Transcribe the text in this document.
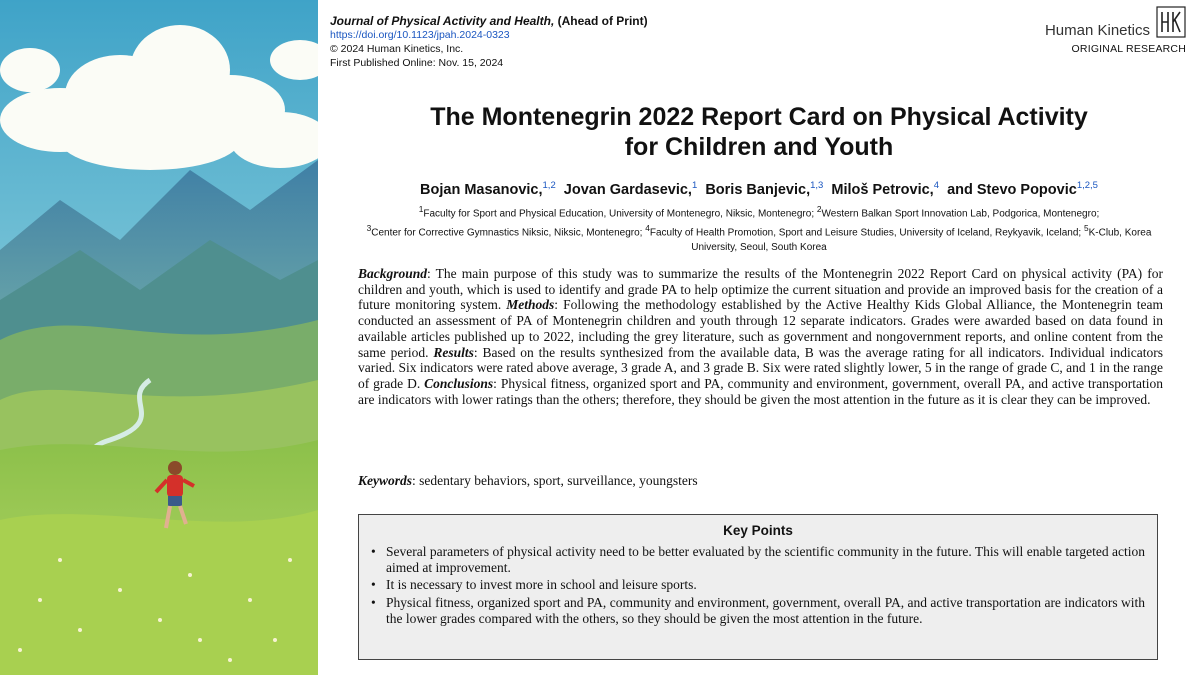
Journal of Physical Activity and Health, (Ahead of Print)
https://doi.org/10.1123/jpah.2024-0323
© 2024 Human Kinetics, Inc.
First Published Online: Nov. 15, 2024
Human Kinetics
ORIGINAL RESEARCH
The Montenegrin 2022 Report Card on Physical Activity
for Children and Youth
Bojan Masanovic,$^{1,2}$ Jovan Gardasevic,$^1$ Boris Banjevic,$^{1,3}$ Miloš Petrovic,$^4$ and Stevo Popovic$^{1,2,5}$
$^1$Faculty for Sport and Physical Education, University of Montenegro, Niksic, Montenegro; $^2$Western Balkan Sport Innovation Lab, Podgorica, Montenegro;
$^3$Center for Corrective Gymnastics Niksic, Niksic, Montenegro; $^4$Faculty of Health Promotion, Sport and Leisure Studies, University of Iceland, Reykyavik, Iceland; $^5$K-Club, Korea University, Seoul, South Korea
Background: The main purpose of this study was to summarize the results of the Montenegrin 2022 Report Card on physical activity (PA) for children and youth, which is used to identify and grade PA to help optimize the current situation and provide an improved basis for the creation of a future monitoring system. Methods: Following the methodology established by the Active Healthy Kids Global Alliance, the Montenegrin team conducted an assessment of PA of Montenegrin children and youth through 12 separate indicators. Grades were awarded based on data found in available articles published up to 2022, including the grey literature, such as government and nongovernment reports, and online content from the same period. Results: Based on the results synthesized from the available data, B was the average rating for all indicators. Individual indicators varied. Six indicators were rated above average, 3 grade A, and 3 grade B. Six were rated slightly lower, 5 in the range of grade C, and 1 in the range of grade D. Conclusions: Physical fitness, organized sport and PA, community and environment, government, overall PA, and active transportation are indicators with lower ratings than the others; therefore, they should be given the most attention in the future as it is clear they can be improved.
Keywords: sedentary behaviors, sport, surveillance, youngsters
Key Points
• Several parameters of physical activity need to be better evaluated by the scientific community in the future. This will enable targeted action aimed at improvement.
• It is necessary to invest more in school and leisure sports.
• Physical fitness, organized sport and PA, community and environment, government, overall PA, and active transportation are indicators with the lower grades compared with the others, so they should be given the most attention in the future.
